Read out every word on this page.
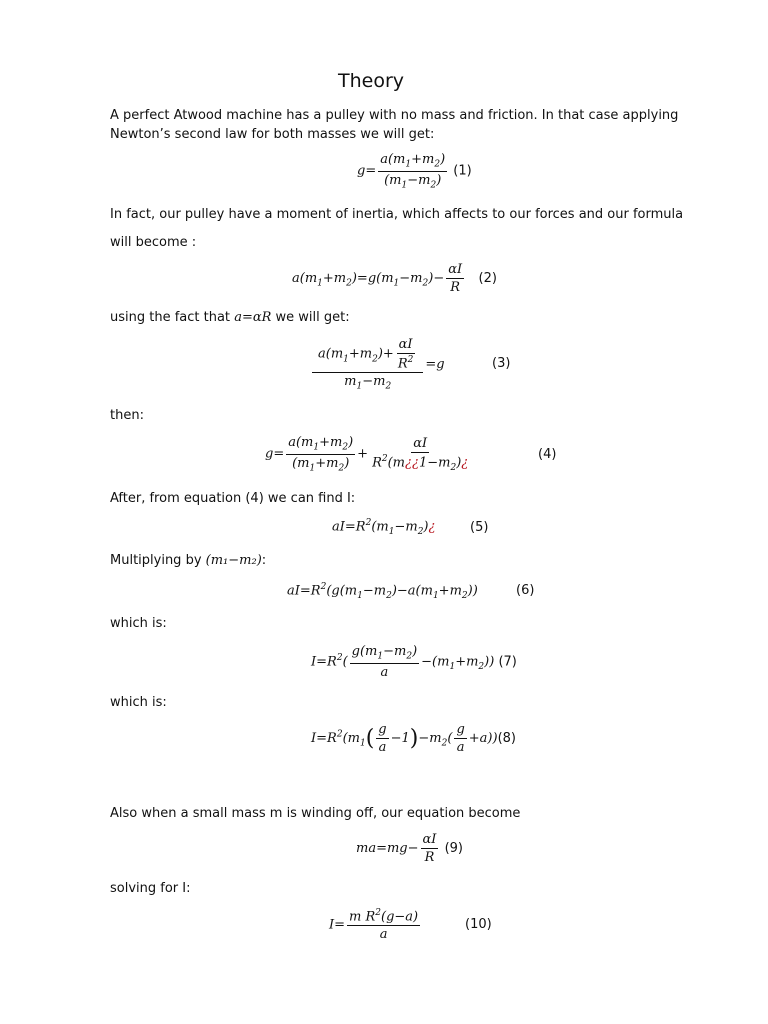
Theory
A perfect Atwood machine has a pulley with no mass and friction. In that case applying Newton’s second law for both masses we will get:
$g= \frac{a(m_1+m_2)}{(m_1-m_2)} (1)$
In fact, our pulley have a moment of inertia, which affects to our forces and our formula
will become :
$a(m_1+m_2)=g(m_1-m_2)- \frac{\alpha I}{R} (2)$
using the fact that a=αR we will get:
$\frac{a(m_1+m_2)+ \frac{\alpha I}{R^2}}{m_1-m_2} =g$	(3)
then:
$g= \frac{a(m_1+m_2)}{(m_1+m_2)} + \frac{\alpha I}{R^2(m¿¿1-m_2)¿}$	(4)
After, from equation (4) we can find I:
$aI=R^2(m_1-m_2)¿$	(5)
Multiplying by (m₁−m₂):
$aI=R^2(g(m_1-m_2)-a(m_1+m_2))$	(6)
which is:
$I=R^2( \frac{g(m_1-m_2)}{a} -(m_1+m_2))$ (7)
which is:
$I=R^2(m_1( \frac{g}{a} -1)-m_2( \frac{g}{a} +a))(8)$
Also when a small mass m is winding off, our equation become
$ma=mg- \frac{\alpha I}{R} (9)$
solving for I:
$I= \frac{m R^2(g-a)}{a}$	(10)
